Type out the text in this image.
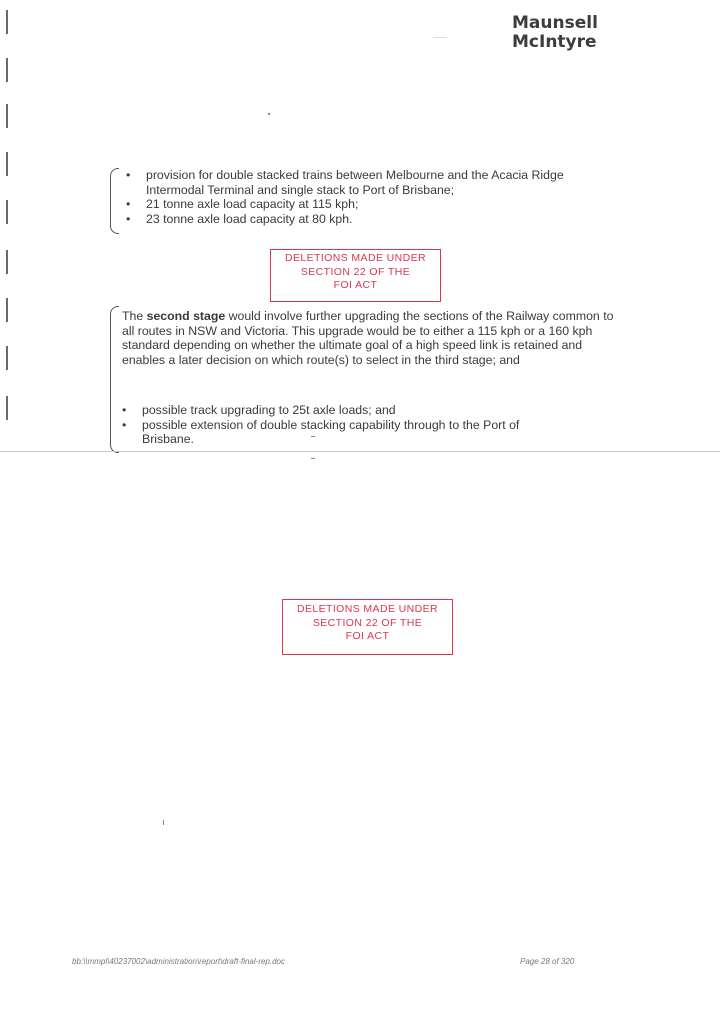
Maunsell
McIntyre
• provision for double stacked trains between Melbourne and the Acacia Ridge Intermodal Terminal and single stack to Port of Brisbane;
• 21 tonne axle load capacity at 115 kph;
• 23 tonne axle load capacity at 80 kph.
DELETIONS MADE UNDER
SECTION 22 OF THE
FOI ACT

The second stage would involve further upgrading the sections of the Railway common to all routes in NSW and Victoria. This upgrade would be to either a 115 kph or a 160 kph standard depending on whether the ultimate goal of a high speed link is retained and enables a later decision on which route(s) to select in the third stage; and

• possible track upgrading to 25t axle loads; and
• possible extension of double stacking capability through to the Port of Brisbane.
DELETIONS MADE UNDER
SECTION 22 OF THE
FOI ACT
bb:\\mmpl\40237002\administration\report\draft-final-rep.doc	Page 28 of 320
